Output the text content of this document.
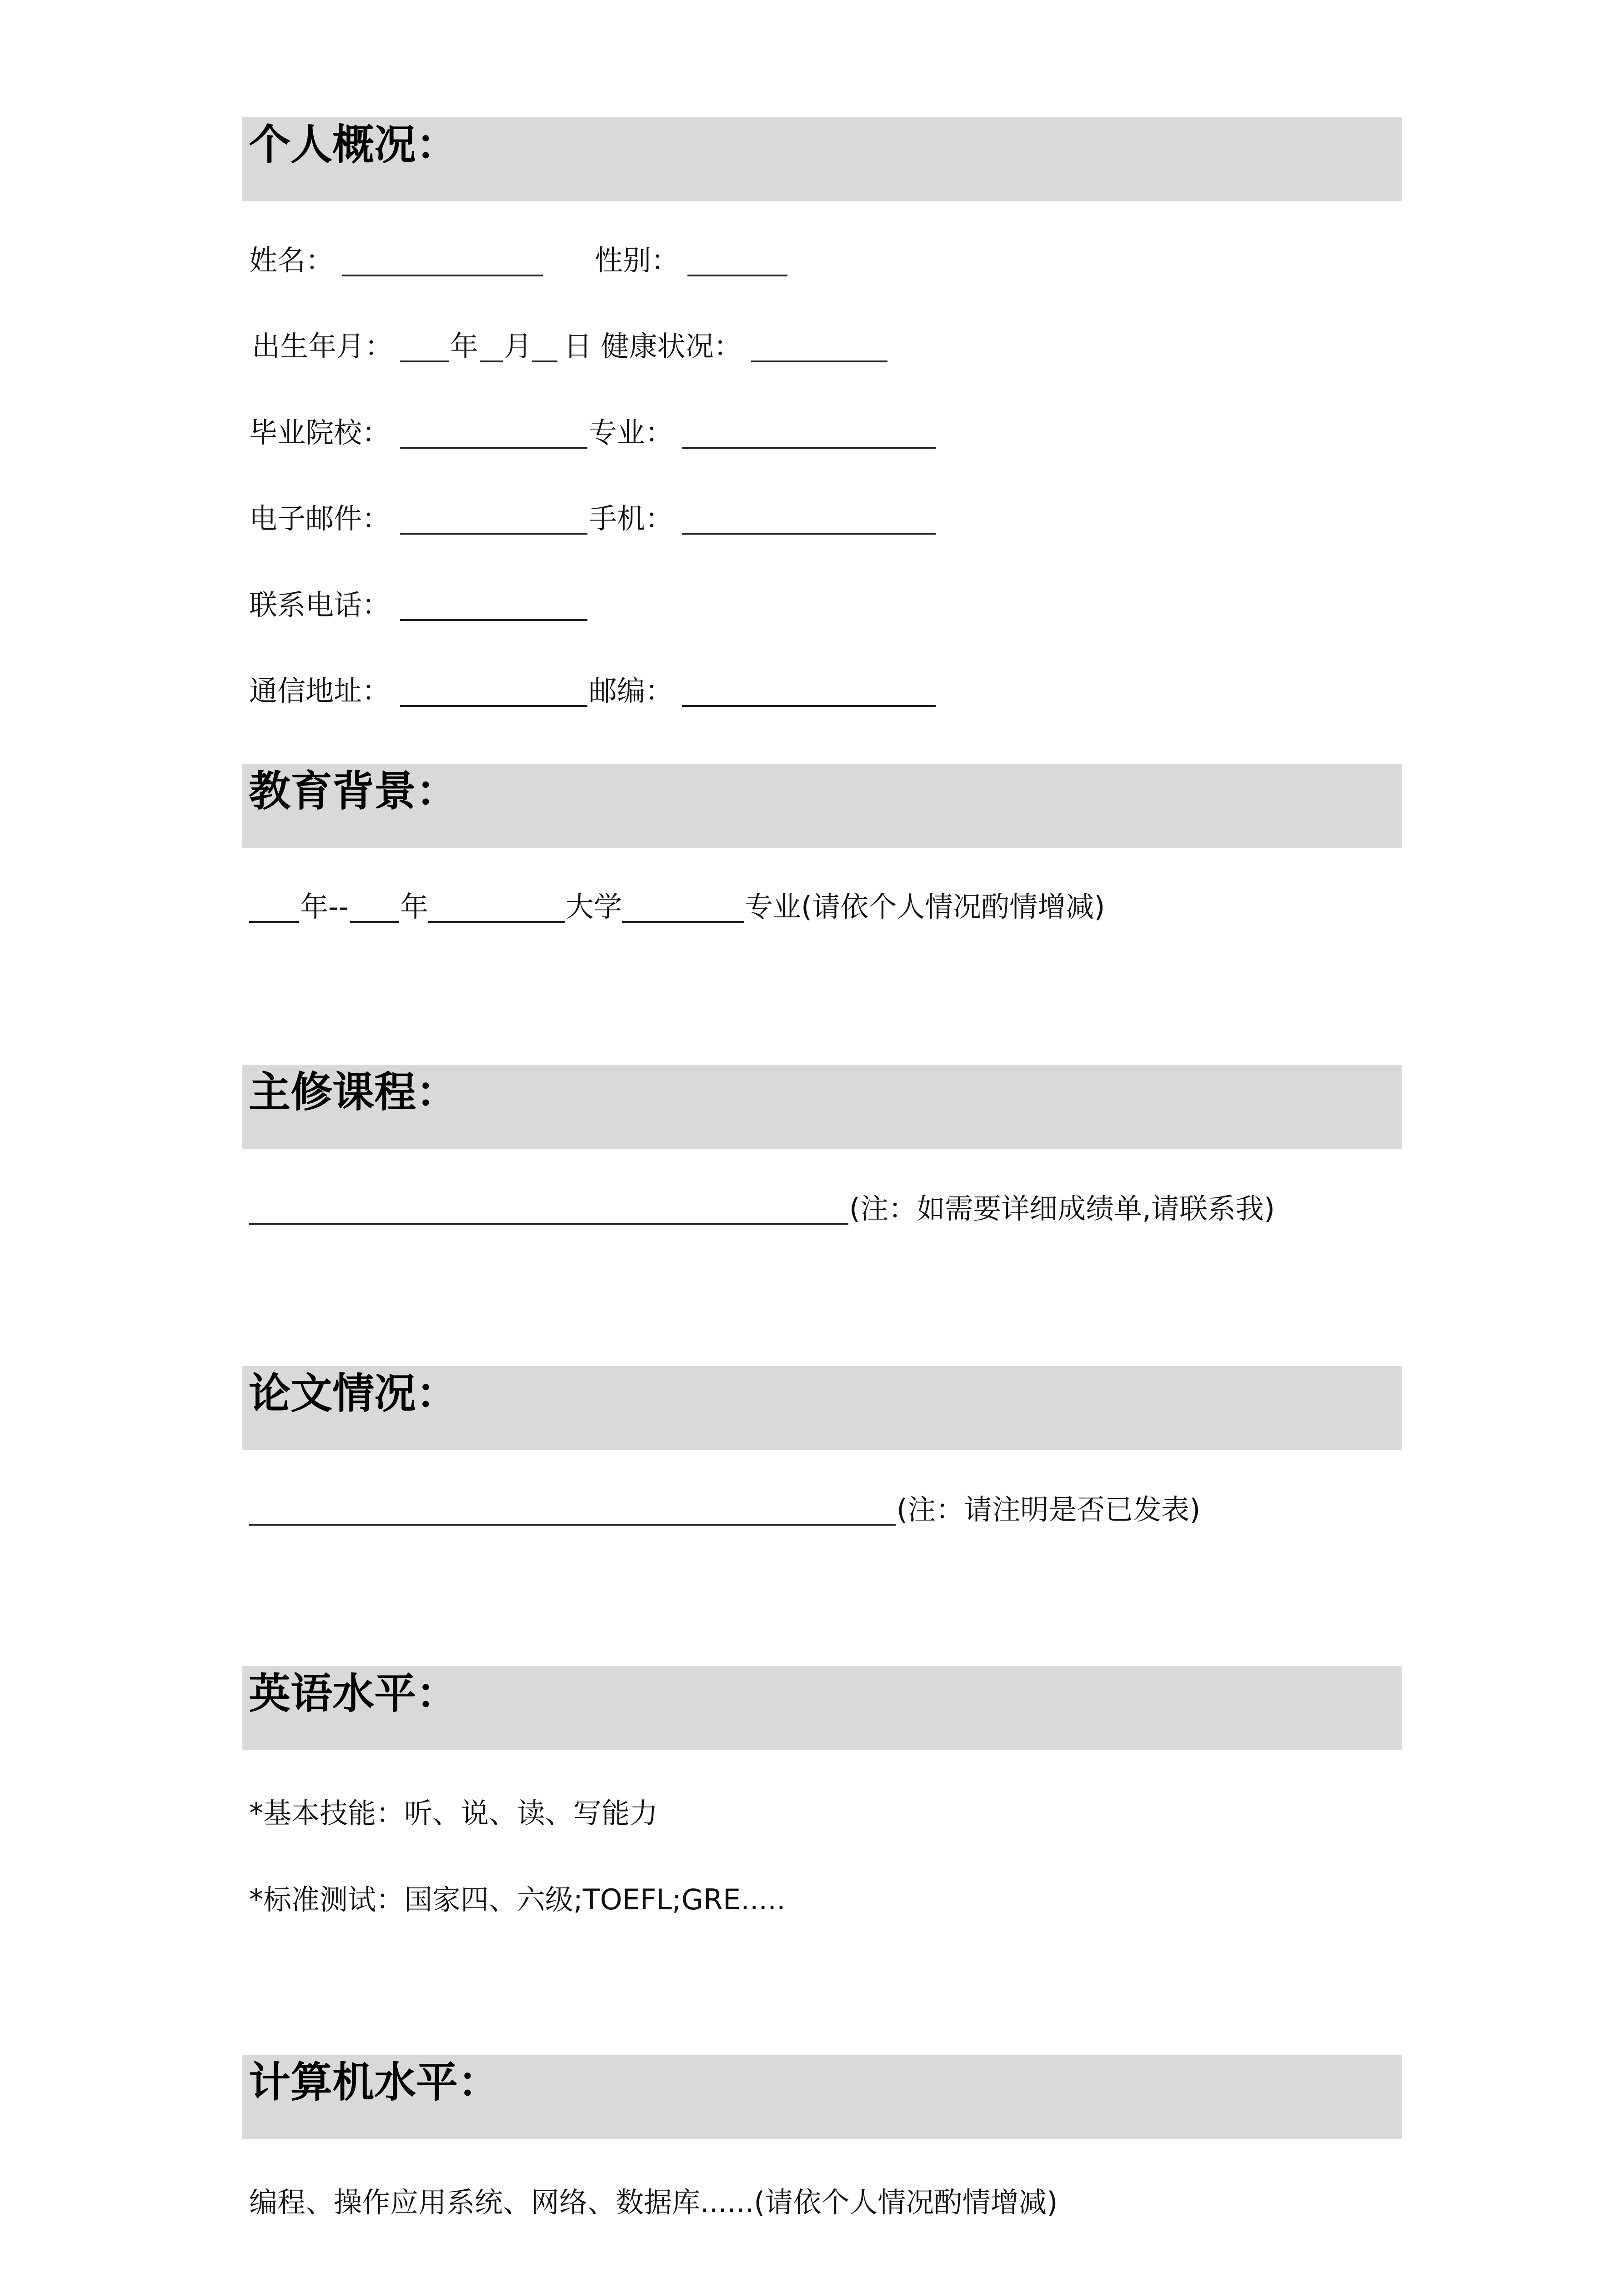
个人概况：
教育背景：
主修课程：
论文情况：
英语水平：
计算机水平：
姓名：	性别：
出生年月： 年 月 日 健康状况：
毕业院校：	专业：
电子邮件：	手机：
联系电话：
通信地址：	邮编：
年-- 年	大学	专业(请依个人情况酌情增减)
(注：如需要详细成绩单,请联系我)
(注：请注明是否已发表)
*基本技能：听、说、读、写能力
*标准测试：国家四、六级;TOEFL;GRE.....
编程、操作应用系统、网络、数据库......(请依个人情况酌情增减)
